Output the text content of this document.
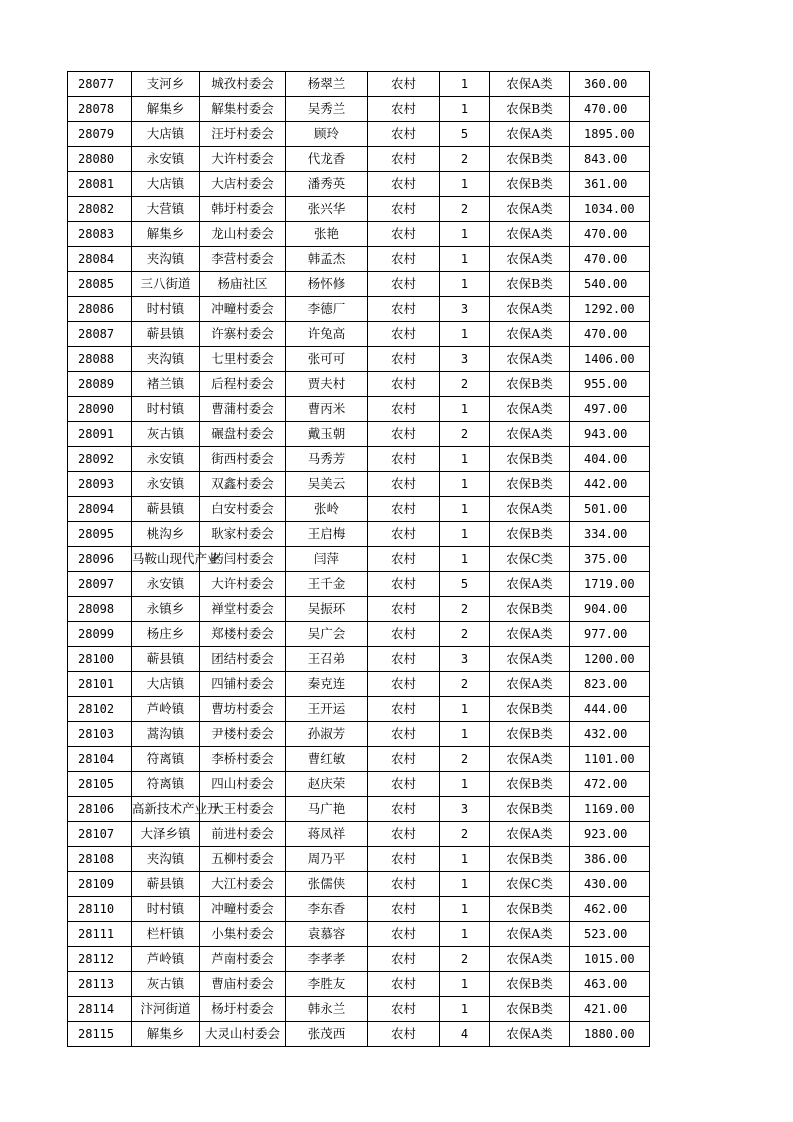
28077	支河乡	城孜村委会	杨翠兰	农村	1	农保A类	360.00
28078	解集乡	解集村委会	吴秀兰	农村	1	农保B类	470.00
28079	大店镇	汪圩村委会	顾玲	农村	5	农保A类	1895.00
28080	永安镇	大许村委会	代龙香	农村	2	农保B类	843.00
28081	大店镇	大店村委会	潘秀英	农村	1	农保B类	361.00
28082	大营镇	韩圩村委会	张兴华	农村	2	农保A类	1034.00
28083	解集乡	龙山村委会	张艳	农村	1	农保A类	470.00
28084	夹沟镇	李营村委会	韩孟杰	农村	1	农保A类	470.00
28085	三八街道	杨庙社区	杨怀修	农村	1	农保B类	540.00
28086	时村镇	冲疃村委会	李德厂	农村	3	农保A类	1292.00
28087	蕲县镇	许寨村委会	许兔高	农村	1	农保A类	470.00
28088	夹沟镇	七里村委会	张可可	农村	3	农保A类	1406.00
28089	褚兰镇	后程村委会	贾夫村	农村	2	农保B类	955.00
28090	时村镇	曹蒲村委会	曹丙米	农村	1	农保A类	497.00
28091	灰古镇	碾盘村委会	戴玉朝	农村	2	农保A类	943.00
28092	永安镇	街西村委会	马秀芳	农村	1	农保B类	404.00
28093	永安镇	双鑫村委会	吴美云	农村	1	农保B类	442.00
28094	蕲县镇	白安村委会	张岭	农村	1	农保A类	501.00
28095	桃沟乡	耿家村委会	王启梅	农村	1	农保B类	334.00
28096	马鞍山现代产业	药闫村委会	闫萍	农村	1	农保C类	375.00
28097	永安镇	大许村委会	王千金	农村	5	农保A类	1719.00
28098	永镇乡	禅堂村委会	吴振环	农村	2	农保B类	904.00
28099	杨庄乡	郑楼村委会	吴广会	农村	2	农保A类	977.00
28100	蕲县镇	团结村委会	王召弟	农村	3	农保A类	1200.00
28101	大店镇	四铺村委会	秦克连	农村	2	农保A类	823.00
28102	芦岭镇	曹坊村委会	王开运	农村	1	农保B类	444.00
28103	蒿沟镇	尹楼村委会	孙淑芳	农村	1	农保B类	432.00
28104	符离镇	李桥村委会	曹红敏	农村	2	农保A类	1101.00
28105	符离镇	四山村委会	赵庆荣	农村	1	农保B类	472.00
28106	高新技术产业开	大王村委会	马广艳	农村	3	农保B类	1169.00
28107	大泽乡镇	前进村委会	蒋凤祥	农村	2	农保A类	923.00
28108	夹沟镇	五柳村委会	周乃平	农村	1	农保B类	386.00
28109	蕲县镇	大江村委会	张儒侠	农村	1	农保C类	430.00
28110	时村镇	冲疃村委会	李东香	农村	1	农保B类	462.00
28111	栏杆镇	小集村委会	袁慕容	农村	1	农保A类	523.00
28112	芦岭镇	芦南村委会	李孝孝	农村	2	农保A类	1015.00
28113	灰古镇	曹庙村委会	李胜友	农村	1	农保B类	463.00
28114	汴河街道	杨圩村委会	韩永兰	农村	1	农保B类	421.00
28115	解集乡	大灵山村委会	张茂西	农村	4	农保A类	1880.00
